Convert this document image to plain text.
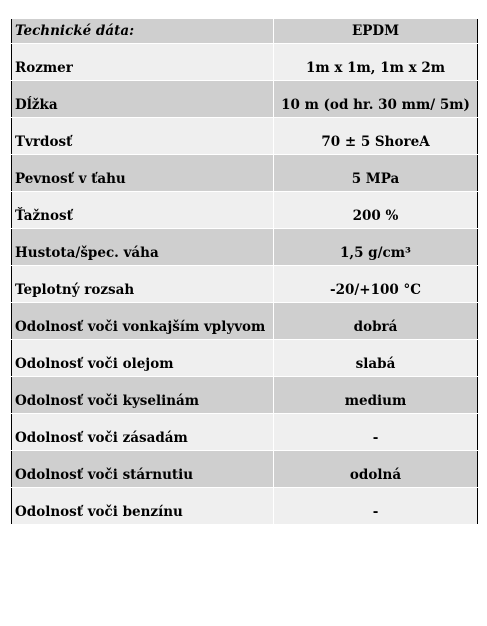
Technické dáta:	EPDM
Rozmer	1m x 1m, 1m x 2m
Dĺžka	10 m (od hr. 30 mm/ 5m)
Tvrdosť	70 ± 5 ShoreA
Pevnosť v ťahu	5 MPa
Ťažnosť	200 %
Hustota/špec. váha	1,5 g/cm³
Teplotný rozsah	-20/+100 °C
Odolnosť voči vonkajším vplyvom	dobrá
Odolnosť voči olejom	slabá
Odolnosť voči kyselinám	medium
Odolnosť voči zásadám	-
Odolnosť voči stárnutiu	odolná
Odolnosť voči benzínu	-
